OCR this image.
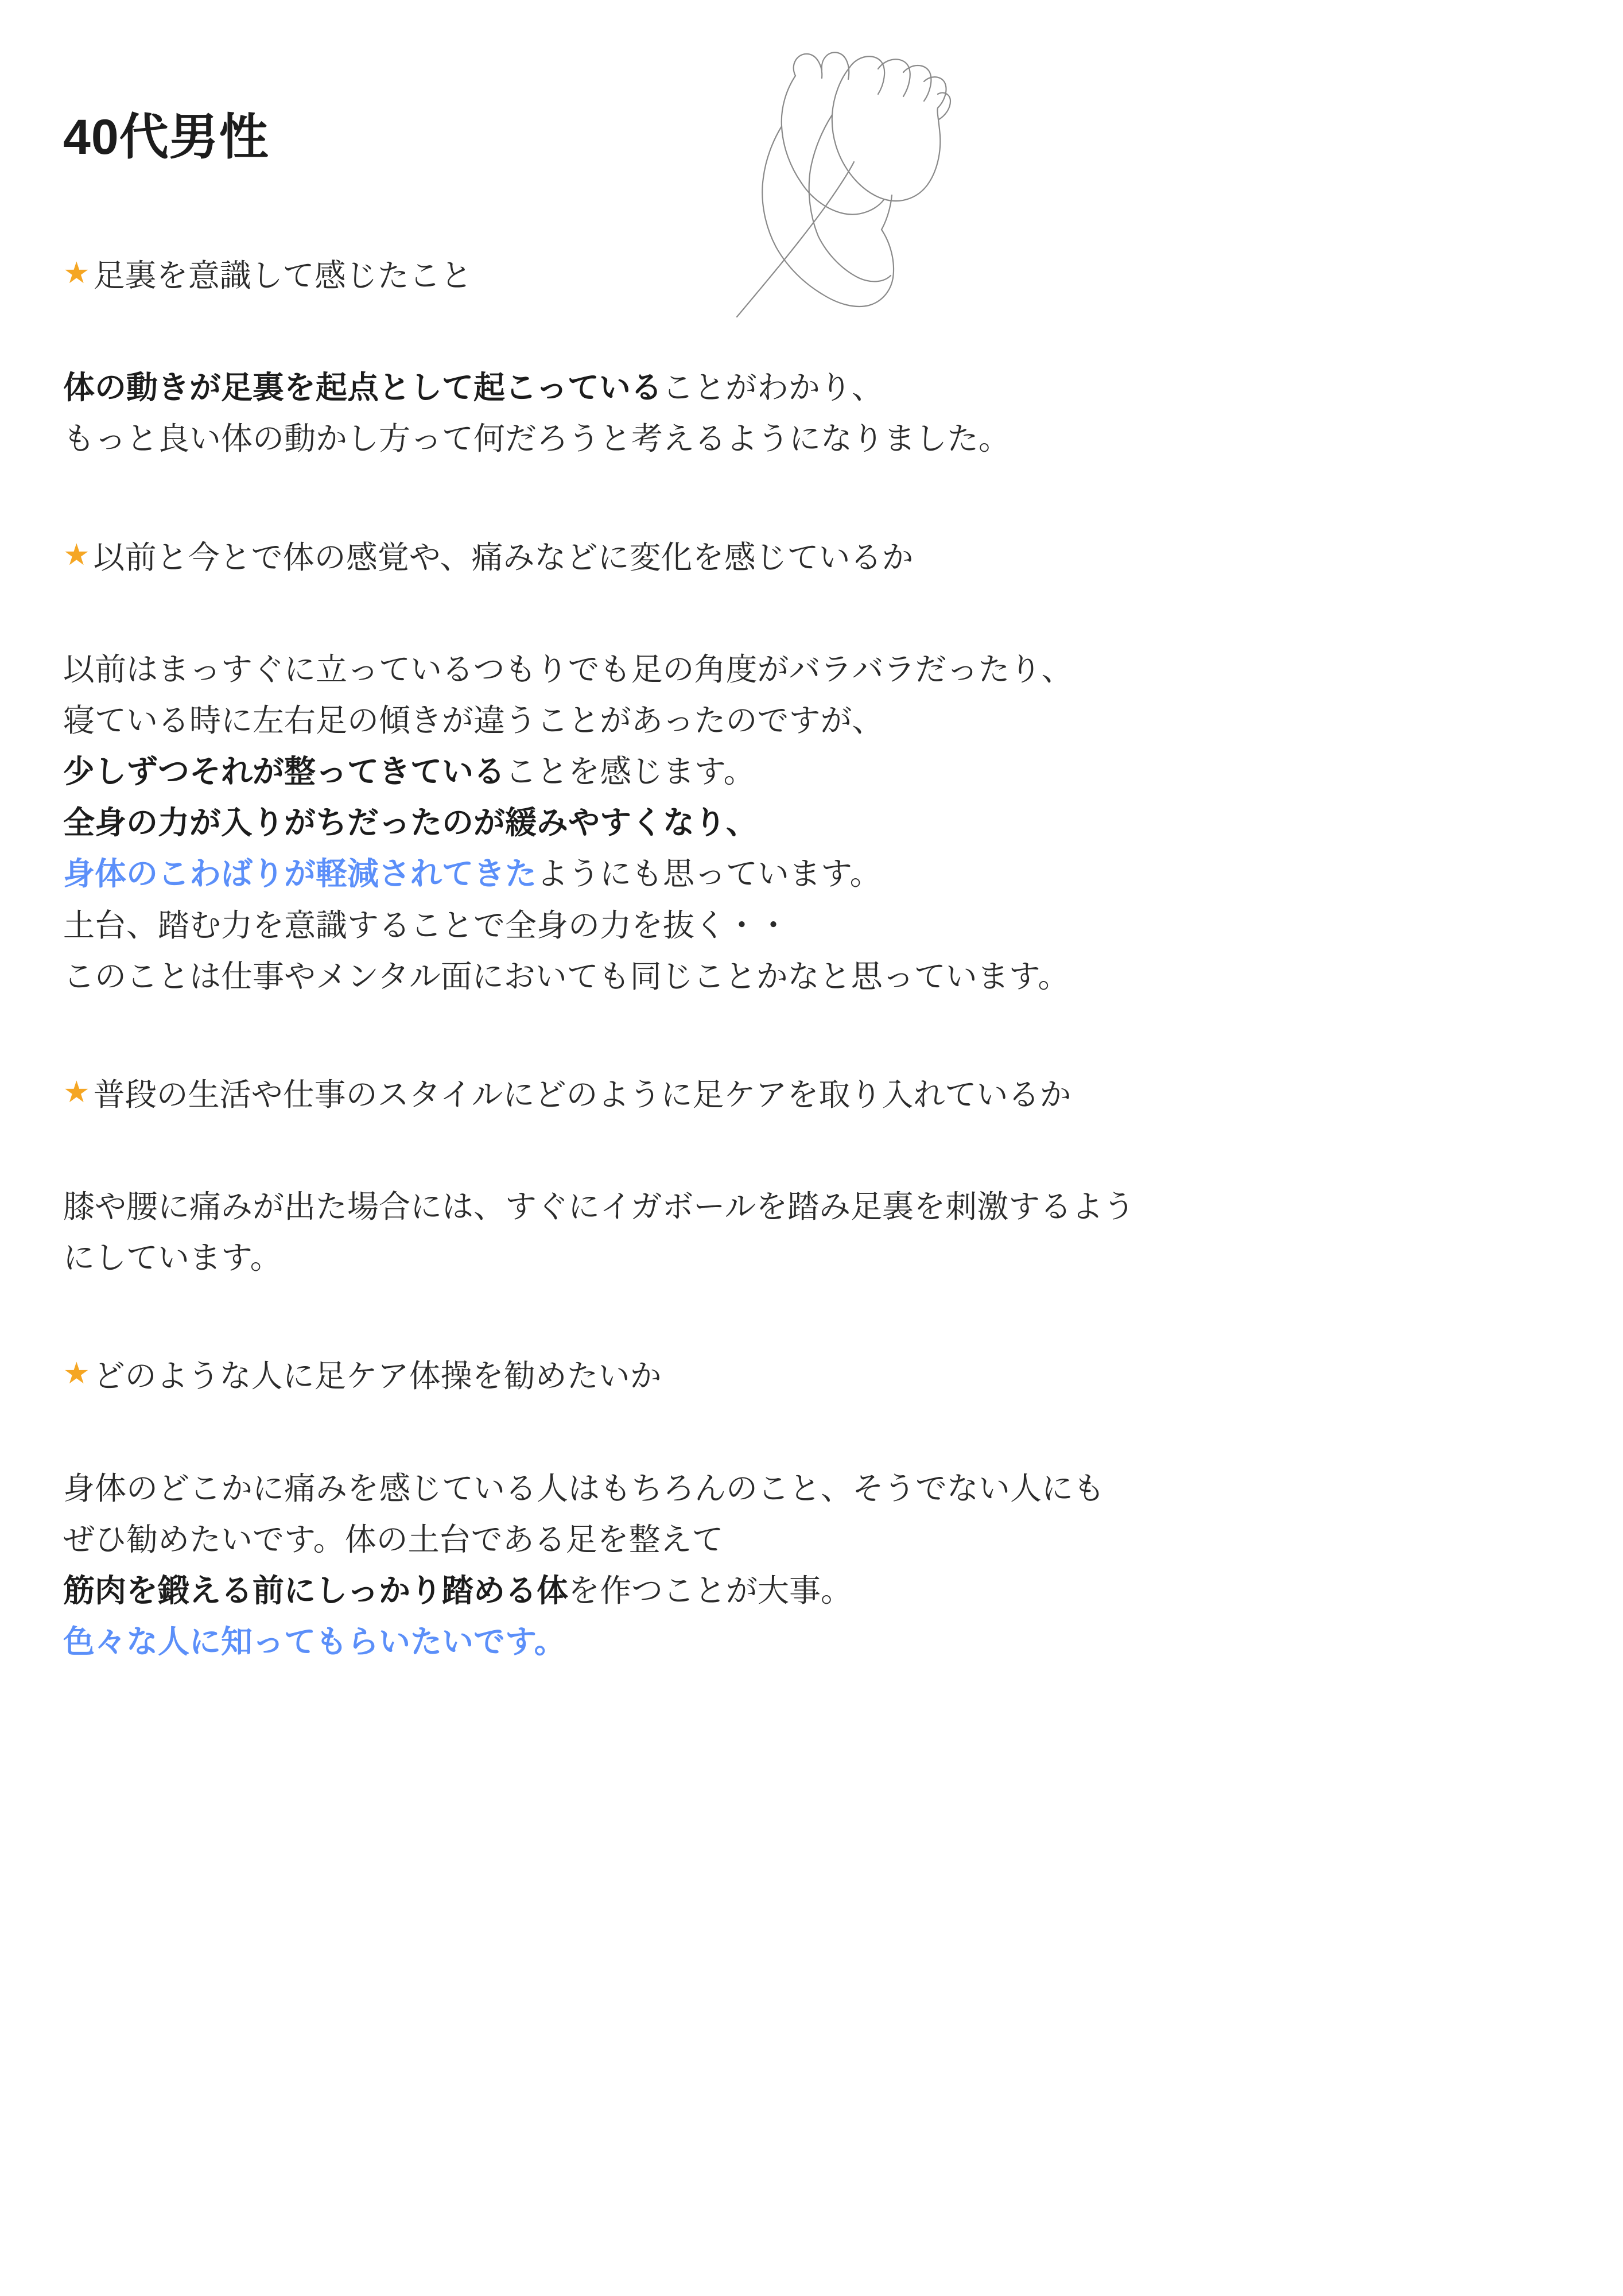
40代男性
★ 足裏を意識して感じたこと
体の動きが足裏を起点として起こっていることがわかり、
もっと良い体の動かし方って何だろうと考えるようになりました。
★ 以前と今とで体の感覚や、痛みなどに変化を感じているか
以前はまっすぐに立っているつもりでも足の角度がバラバラだったり、
寝ている時に左右足の傾きが違うことがあったのですが、
少しずつそれが整ってきていることを感じます。
全身の力が入りがちだったのが緩みやすくなり、
身体のこわばりが軽減されてきたようにも思っています。
土台、踏む力を意識することで全身の力を抜く・・
このことは仕事やメンタル面においても同じことかなと思っています。
★ 普段の生活や仕事のスタイルにどのように足ケアを取り入れているか
膝や腰に痛みが出た場合には、すぐにイガボールを踏み足裏を刺激するよう
にしています。
★ どのような人に足ケア体操を勧めたいか
身体のどこかに痛みを感じている人はもちろんのこと、そうでない人にも
ぜひ勧めたいです。体の土台である足を整えて
筋肉を鍛える前にしっかり踏める体を作つことが大事。
色々な人に知ってもらいたいです。
